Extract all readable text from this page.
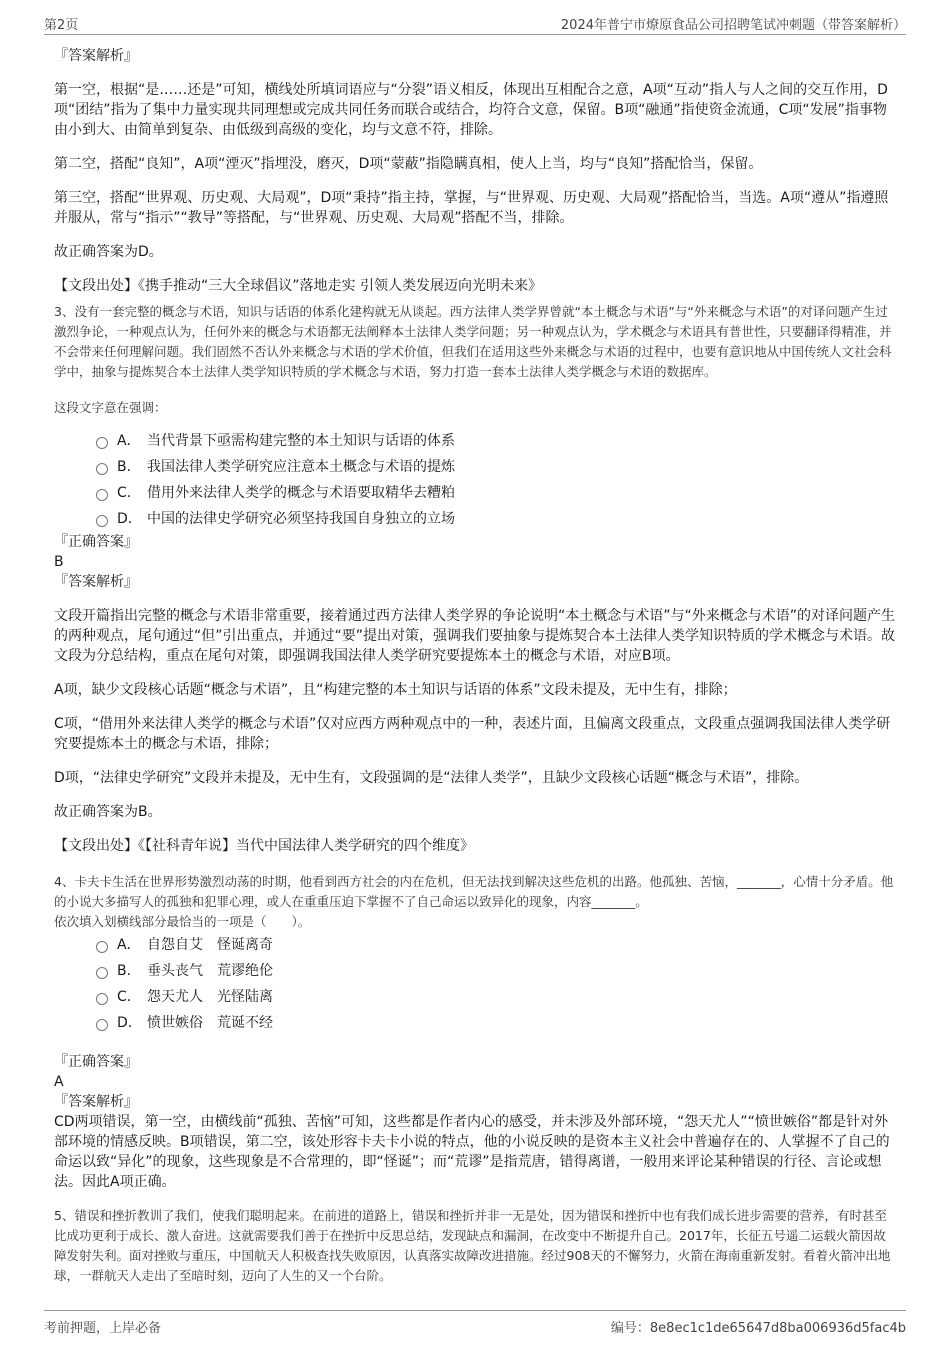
第2页	2024年普宁市燎原食品公司招聘笔试冲刺题（带答案解析）

『答案解析』

第一空，根据“是……还是”可知，横线处所填词语应与“分裂”语义相反，体现出互相配合之意，A项“互动”指人与人之间的交互作用，D项“团结”指为了集中力量实现共同理想或完成共同任务而联合或结合，均符合文意，保留。B项“融通”指使资金流通，C项“发展”指事物由小到大、由简单到复杂、由低级到高级的变化，均与文意不符，排除。

第二空，搭配“良知”，A项“湮灭”指埋没，磨灭，D项“蒙蔽”指隐瞒真相，使人上当，均与“良知”搭配恰当，保留。

第三空，搭配“世界观、历史观、大局观”，D项“秉持”指主持，掌握，与“世界观、历史观、大局观”搭配恰当，当选。A项“遵从”指遵照并服从，常与“指示”“教导”等搭配，与“世界观、历史观、大局观”搭配不当，排除。

故正确答案为D。

【文段出处】《携手推动“三大全球倡议”落地走实 引领人类发展迈向光明未来》

3、没有一套完整的概念与术语，知识与话语的体系化建构就无从谈起。西方法律人类学界曾就“本土概念与术语”与“外来概念与术语”的对译问题产生过激烈争论，一种观点认为，任何外来的概念与术语都无法阐释本土法律人类学问题；另一种观点认为，学术概念与术语具有普世性，只要翻译得精准，并不会带来任何理解问题。我们固然不否认外来概念与术语的学术价值，但我们在适用这些外来概念与术语的过程中，也要有意识地从中国传统人文社会科学中，抽象与提炼契合本土法律人类学知识特质的学术概念与术语，努力打造一套本土法律人类学概念与术语的数据库。

这段文字意在强调：

A． 当代背景下亟需构建完整的本土知识与话语的体系
B． 我国法律人类学研究应注意本土概念与术语的提炼
C． 借用外来法律人类学的概念与术语要取精华去糟粕
D． 中国的法律史学研究必须坚持我国自身独立的立场

『正确答案』

B

『答案解析』

文段开篇指出完整的概念与术语非常重要，接着通过西方法律人类学界的争论说明“本土概念与术语”与“外来概念与术语”的对译问题产生的两种观点，尾句通过“但”引出重点，并通过“要”提出对策，强调我们要抽象与提炼契合本土法律人类学知识特质的学术概念与术语。故文段为分总结构，重点在尾句对策，即强调我国法律人类学研究要提炼本土的概念与术语，对应B项。

A项，缺少文段核心话题“概念与术语”，且“构建完整的本土知识与话语的体系”文段未提及，无中生有，排除；

C项，“借用外来法律人类学的概念与术语”仅对应西方两种观点中的一种，表述片面，且偏离文段重点，文段重点强调我国法律人类学研究要提炼本土的概念与术语，排除；

D项，“法律史学研究”文段并未提及，无中生有，文段强调的是“法律人类学”，且缺少文段核心话题“概念与术语”，排除。

故正确答案为B。

【文段出处】《【社科青年说】当代中国法律人类学研究的四个维度》

4、卡夫卡生活在世界形势激烈动荡的时期，他看到西方社会的内在危机，但无法找到解决这些危机的出路。他孤独、苦恼，_______，心情十分矛盾。他的小说大多描写人的孤独和犯罪心理，或人在重重压迫下掌握不了自己命运以致异化的现象，内容_______。

依次填入划横线部分最恰当的一项是（　　）。

A． 自怨自艾　怪诞离奇
B． 垂头丧气　荒谬绝伦
C． 怨天尤人　光怪陆离
D． 愤世嫉俗　荒诞不经

『正确答案』

A

『答案解析』

CD两项错误，第一空，由横线前“孤独、苦恼”可知，这些都是作者内心的感受，并未涉及外部环境，“怨天尤人”“愤世嫉俗”都是针对外部环境的情感反映。B项错误，第二空，该处形容卡夫卡小说的特点，他的小说反映的是资本主义社会中普遍存在的、人掌握不了自己的命运以致“异化”的现象，这些现象是不合常理的，即“怪诞”；而“荒谬”是指荒唐，错得离谱，一般用来评论某种错误的行径、言论或想法。因此A项正确。

5、错误和挫折教训了我们，使我们聪明起来。在前进的道路上，错误和挫折并非一无是处，因为错误和挫折中也有我们成长进步需要的营养，有时甚至比成功更利于成长、激人奋进。这就需要我们善于在挫折中反思总结，发现缺点和漏洞，在改变中不断提升自己。2017年，长征五号遥二运载火箭因故障发射失利。面对挫败与重压，中国航天人积极查找失败原因，认真落实故障改进措施。经过908天的不懈努力，火箭在海南重新发射。看着火箭冲出地球，一群航天人走出了至暗时刻，迈向了人生的又一个台阶。

考前押题，上岸必备	编号：8e8ec1c1de65647d8ba006936d5fac4b
